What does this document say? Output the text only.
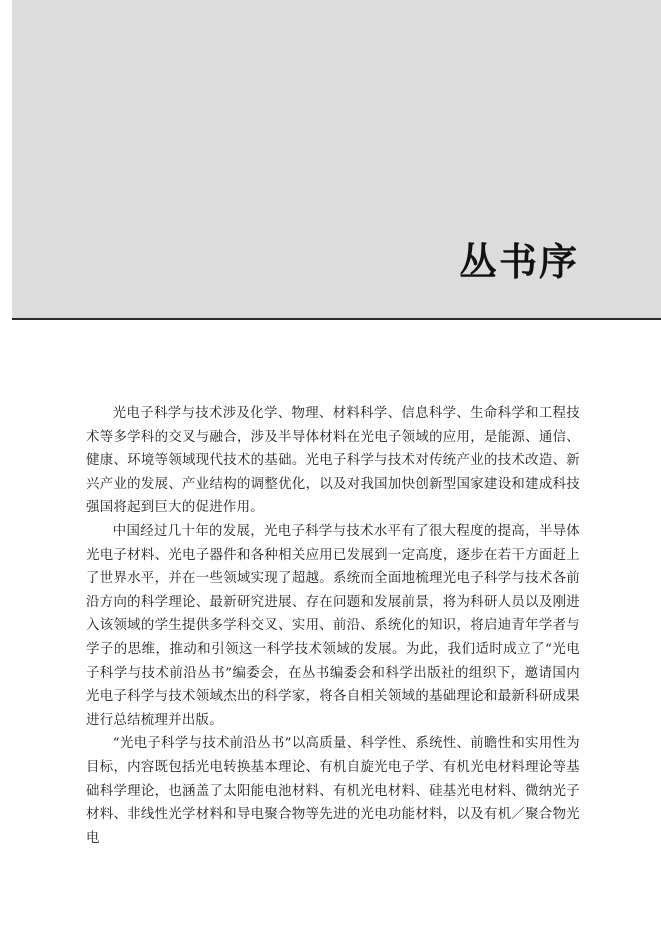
丛书序

光电子科学与技术涉及化学、物理、材料科学、信息科学、生命科学和工程技术等多学科的交叉与融合，涉及半导体材料在光电子领域的应用，是能源、通信、健康、环境等领域现代技术的基础。光电子科学与技术对传统产业的技术改造、新兴产业的发展、产业结构的调整优化，以及对我国加快创新型国家建设和建成科技强国将起到巨大的促进作用。

中国经过几十年的发展，光电子科学与技术水平有了很大程度的提高，半导体光电子材料、光电子器件和各种相关应用已发展到一定高度，逐步在若干方面赶上了世界水平，并在一些领域实现了超越。系统而全面地梳理光电子科学与技术各前沿方向的科学理论、最新研究进展、存在问题和发展前景，将为科研人员以及刚进入该领域的学生提供多学科交叉、实用、前沿、系统化的知识，将启迪青年学者与学子的思维，推动和引领这一科学技术领域的发展。为此，我们适时成立了“光电子科学与技术前沿丛书”编委会，在丛书编委会和科学出版社的组织下，邀请国内光电子科学与技术领域杰出的科学家，将各自相关领域的基础理论和最新科研成果进行总结梳理并出版。

“光电子科学与技术前沿丛书”以高质量、科学性、系统性、前瞻性和实用性为目标，内容既包括光电转换基本理论、有机自旋光电子学、有机光电材料理论等基础科学理论，也涵盖了太阳能电池材料、有机光电材料、硅基光电材料、微纳光子材料、非线性光学材料和导电聚合物等先进的光电功能材料，以及有机／聚合物光电
